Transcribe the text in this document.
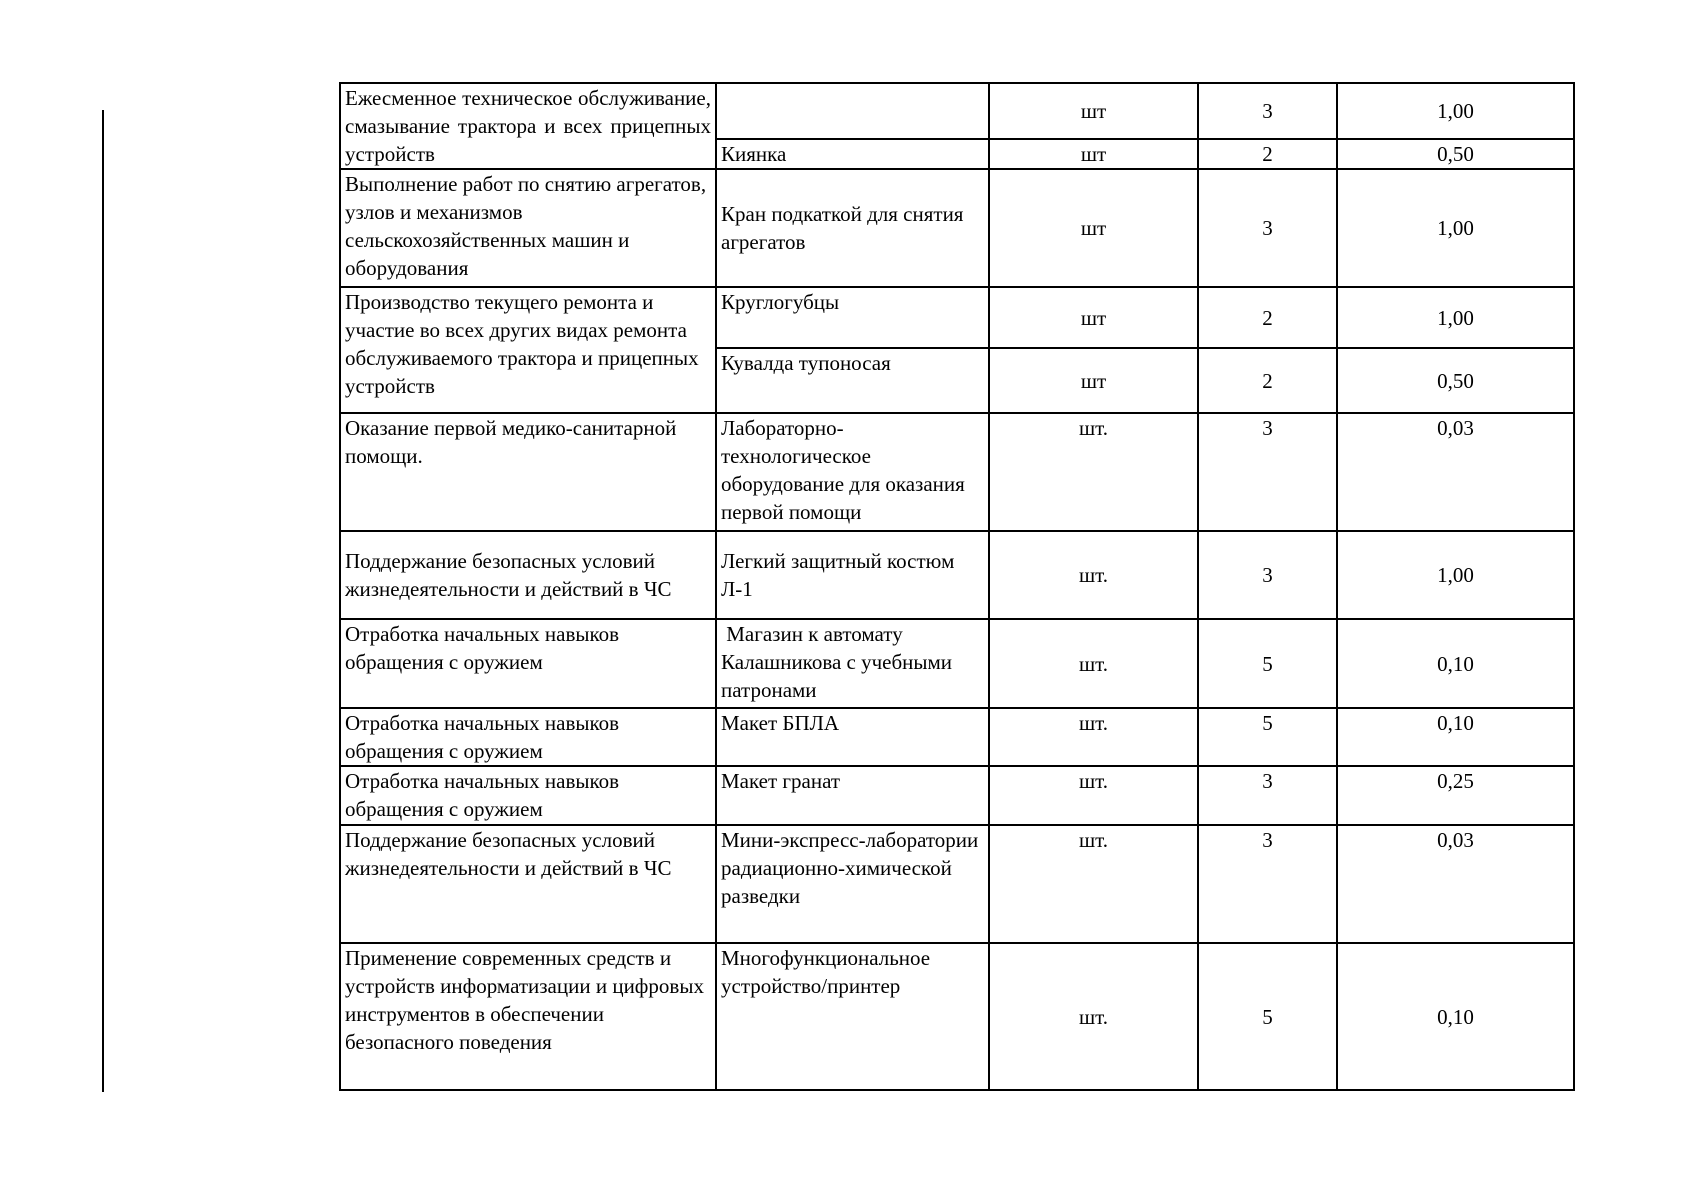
Ежесменное техническое обслуживание, смазывание трактора и всех прицепных устройств		шт	3	1,00
	Киянка	шт	2	0,50
Выполнение работ по снятию агрегатов, узлов и механизмов сельскохозяйственных машин и оборудования	Кран подкаткой для снятия агрегатов	шт	3	1,00
Производство текущего ремонта и участие во всех других видах ремонта обслуживаемого трактора и прицепных устройств	Круглогубцы	шт	2	1,00
	Кувалда тупоносая	шт	2	0,50
Оказание первой медико-санитарной помощи.	Лабораторно-технологическое оборудование для оказания первой помощи	шт.	3	0,03
Поддержание безопасных условий жизнедеятельности и действий в ЧС	Легкий защитный костюм Л-1	шт.	3	1,00
Отработка начальных навыков обращения с оружием	Магазин к автомату Калашникова с учебными патронами	шт.	5	0,10
Отработка начальных навыков обращения с оружием	Макет БПЛА	шт.	5	0,10
Отработка начальных навыков обращения с оружием	Макет гранат	шт.	3	0,25
Поддержание безопасных условий жизнедеятельности и действий в ЧС	Мини-экспресс-лаборатории радиационно-химической разведки	шт.	3	0,03
Применение современных средств и устройств информатизации и цифровых инструментов в обеспечении безопасного поведения	Многофункциональное устройство/принтер	шт.	5	0,10
